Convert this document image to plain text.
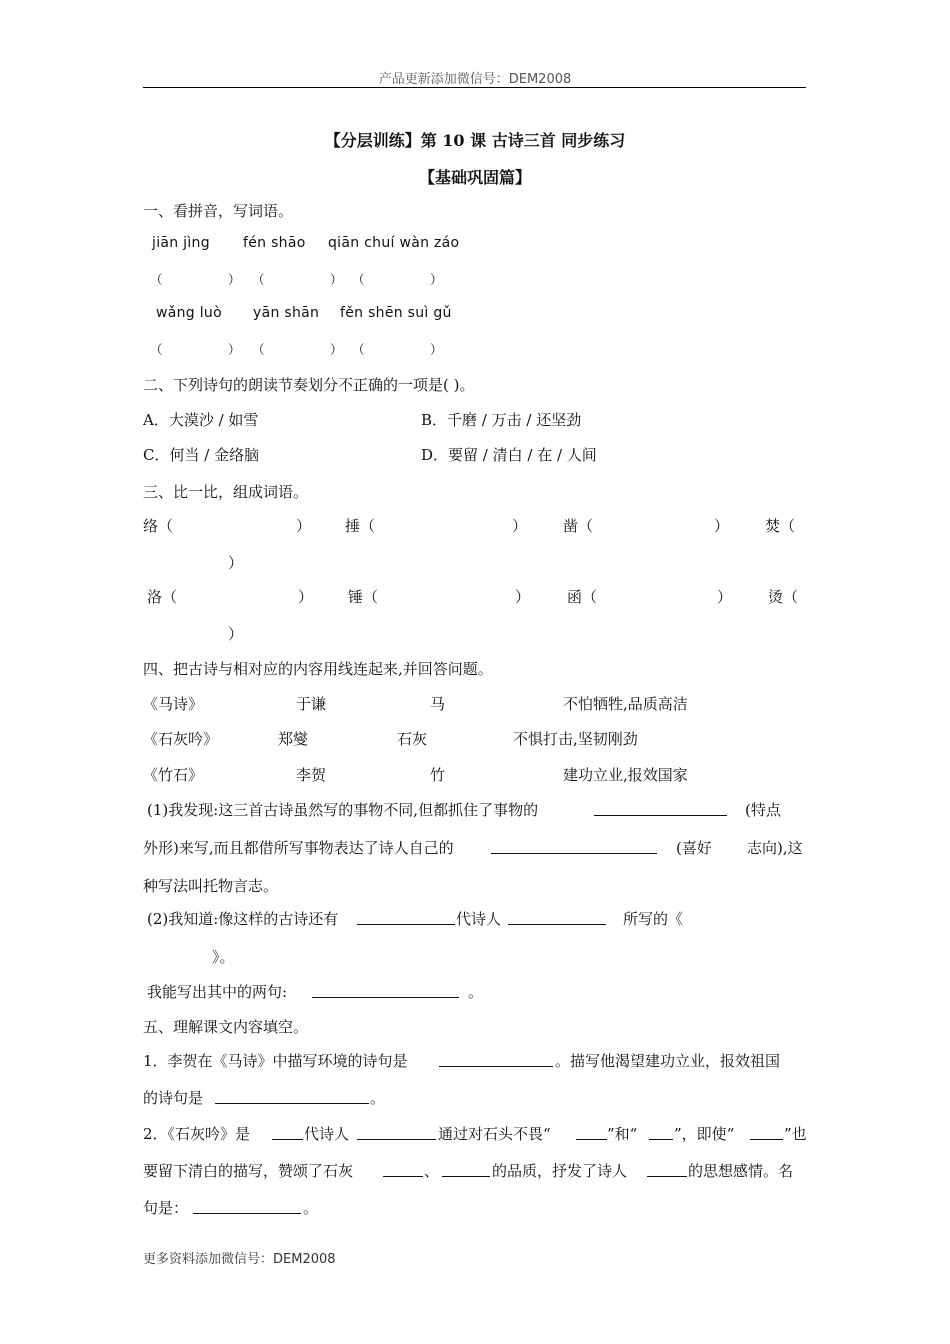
产品更新添加微信号：DEM2008
【分层训练】第 10 课 古诗三首 同步练习
【基础巩固篇】
一、看拼音，写词语。
jiān jìng fén shāo qiān chuí wàn záo
（	） （	） （	）
wǎng luò yān shān fěn shēn suì gǔ
（	） （	） （	）
二、下列诗句的朗读节奏划分不正确的一项是( )。
A．大漠沙 / 如雪	B．千磨 / 万击 / 还坚劲
C．何当 / 金络脑	D．要留 / 清白 / 在 / 人间
三、比一比，组成词语。
络（	） 捶（	） 凿（	） 焚（
）
洛（	） 锤（	） 函（	） 烫（
）
四、把古诗与相对应的内容用线连起来,并回答问题。
《马诗》	于谦	马	不怕牺牲,品质高洁
《石灰吟》	郑燮	石灰	不惧打击,坚韧刚劲
《竹石》	李贺	竹	建功立业,报效国家
(1)我发现:这三首古诗虽然写的事物不同,但都抓住了事物的	(特点
外形)来写,而且都借所写事物表达了诗人自己的	(喜好 志向),这
种写法叫托物言志。
(2)我知道:像这样的古诗还有	代诗人	所写的《
》。
我能写出其中的两句:	。
五、理解课文内容填空。
1．李贺在《马诗》中描写环境的诗句是	。描写他渴望建功立业，报效祖国
的诗句是	。
2．《石灰吟》是	代诗人	通过对石头不畏“	”和“ ”，即使“	”也
要留下清白的描写，赞颂了石灰	、	的品质，抒发了诗人	的思想感情。名
句是：	。
更多资料添加微信号：DEM2008
